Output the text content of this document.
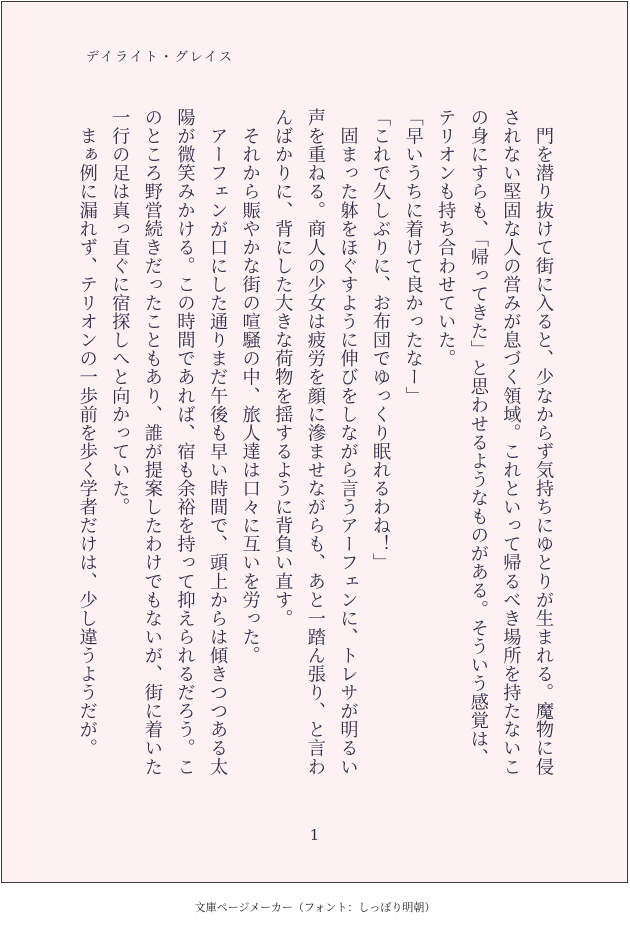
デイライト・グレイス

　門を潜り抜けて街に入ると、少なからず気持ちにゆとりが生まれる。魔物に侵

されない堅固な人の営みが息づく領域。これといって帰るべき場所を持たないこ

の身にすらも、「帰ってきた」と思わせるようなものがある。そういう感覚は、

テリオンも持ち合わせていた。

「早いうちに着けて良かったなー」

「これで久しぶりに、お布団でゆっくり眠れるわね！」

　固まった躰をほぐすように伸びをしながら言うアーフェンに、トレサが明るい

声を重ねる。商人の少女は疲労を顔に滲ませながらも、あと一踏ん張り、と言わ

んばかりに、背にした大きな荷物を揺するように背負い直す。

　それから賑やかな街の喧騒の中、旅人達は口々に互いを労った。

　アーフェンが口にした通りまだ午後も早い時間で、頭上からは傾きつつある太

陽が微笑みかける。この時間であれば、宿も余裕を持って抑えられるだろう。こ

のところ野営続きだったこともあり、誰が提案したわけでもないが、街に着いた

一行の足は真っ直ぐに宿探しへと向かっていた。

　まぁ例に漏れず、テリオンの一歩前を歩く学者だけは、少し違うようだが。

1
文庫ページメーカー（フォント：しっぽり明朝）
